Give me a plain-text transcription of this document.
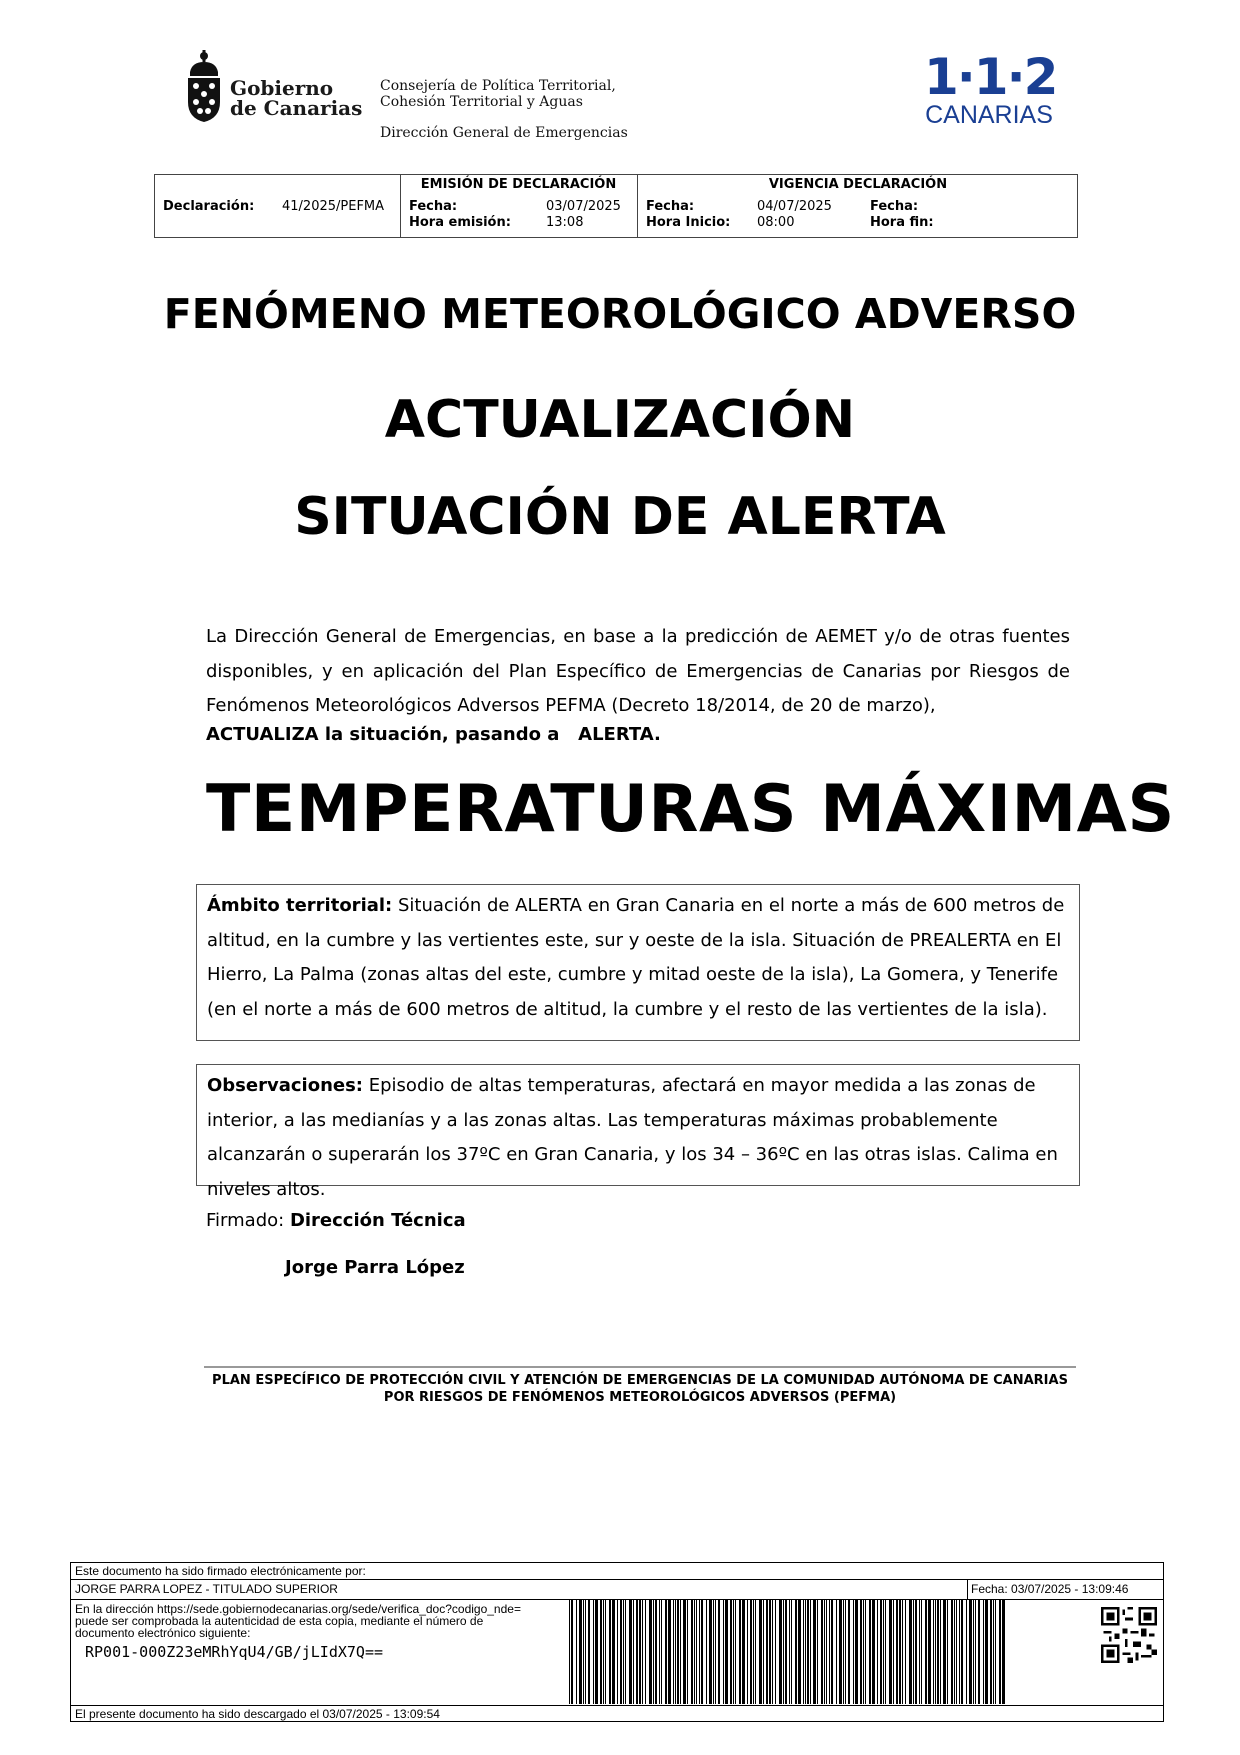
Gobierno
de Canarias
Consejería de Política Territorial,
Cohesión Territorial y Aguas
Dirección General de Emergencias
1·1·2
CANARIAS
Declaración: 41/2025/PEFMA
EMISIÓN DE DECLARACIÓN
Fecha:	03/07/2025
Hora emisión:	13:08
VIGENCIA DECLARACIÓN
Fecha:	04/07/2025
Hora Inicio: 08:00
Fecha:
Hora fin:
FENÓMENO METEOROLÓGICO ADVERSO
ACTUALIZACIÓN
SITUACIÓN DE ALERTA
La Dirección General de Emergencias, en base a la predicción de AEMET y/o de otras fuentes disponibles, y en aplicación del Plan Específico de Emergencias de Canarias por Riesgos de Fenómenos Meteorológicos Adversos PEFMA (Decreto 18/2014, de 20 de marzo),
ACTUALIZA la situación, pasando a   ALERTA.
TEMPERATURAS MÁXIMAS
Ámbito territorial: Situación de ALERTA en Gran Canaria en el norte a más de 600 metros de altitud, en la cumbre y las vertientes este, sur y oeste de la isla. Situación de PREALERTA en El Hierro, La Palma (zonas altas del este, cumbre y mitad oeste de la isla), La Gomera, y Tenerife (en el norte a más de 600 metros de altitud, la cumbre y el resto de las vertientes de la isla).
Observaciones: Episodio de altas temperaturas, afectará en mayor medida a las zonas de interior, a las medianías y a las zonas altas. Las temperaturas máximas probablemente alcanzarán o superarán los 37ºC en Gran Canaria, y los 34 – 36ºC en las otras islas. Calima en niveles altos.
Firmado: Dirección Técnica
Jorge Parra López
PLAN ESPECÍFICO DE PROTECCIÓN CIVIL Y ATENCIÓN DE EMERGENCIAS DE LA COMUNIDAD AUTÓNOMA DE CANARIAS
POR RIESGOS DE FENÓMENOS METEOROLÓGICOS ADVERSOS (PEFMA)
Este documento ha sido firmado electrónicamente por:
JORGE PARRA LOPEZ - TITULADO SUPERIOR	Fecha: 03/07/2025 - 13:09:46
En la dirección https://sede.gobiernodecanarias.org/sede/verifica_doc?codigo_nde=
puede ser comprobada la autenticidad de esta copia, mediante el número de
documento electrónico siguiente:
RP001-000Z23eMRhYqU4/GB/jLIdX7Q==
El presente documento ha sido descargado el 03/07/2025 - 13:09:54
